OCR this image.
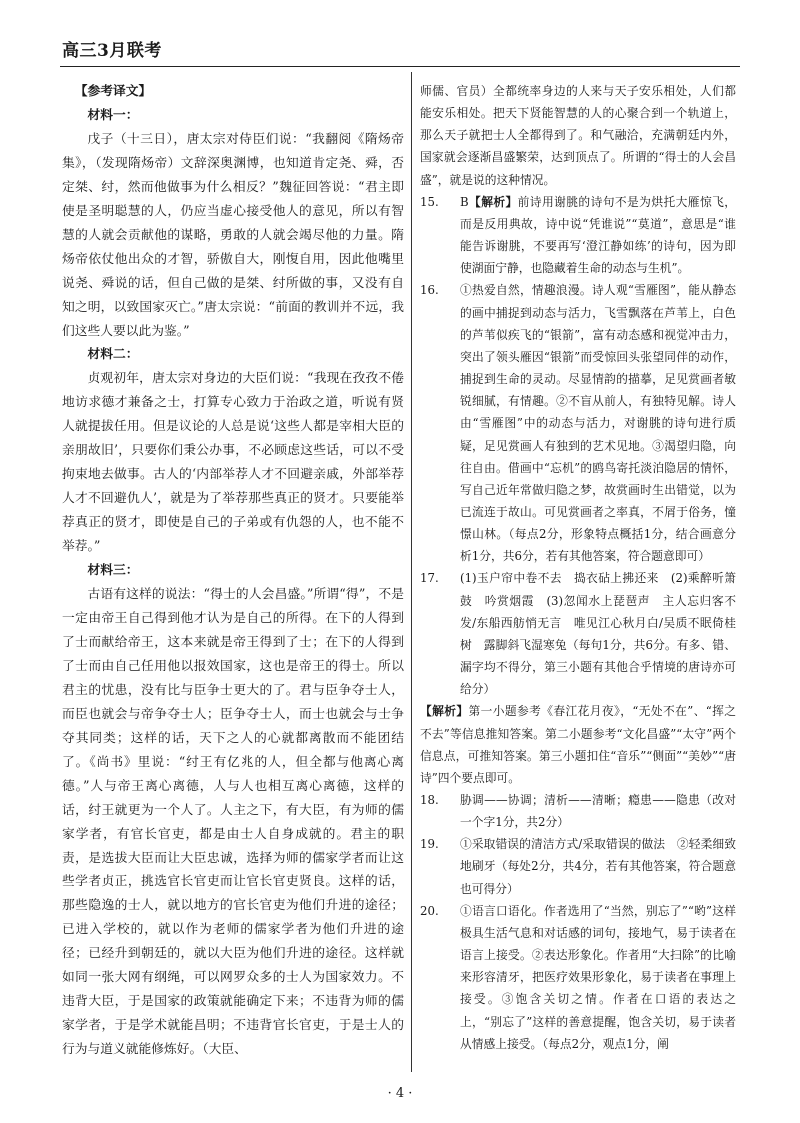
高三3月联考

【参考译文】

材料一：

戊子（十三日），唐太宗对侍臣们说：“我翻阅《隋炀帝集》，（发现隋炀帝）文辞深奥渊博，也知道肯定尧、舜，否定桀、纣，然而他做事为什么相反？”魏征回答说：“君主即使是圣明聪慧的人，仍应当虚心接受他人的意见，所以有智慧的人就会贡献他的谋略，勇敢的人就会竭尽他的力量。隋炀帝依仗他出众的才智，骄傲自大，刚愎自用，因此他嘴里说尧、舜说的话，但自己做的是桀、纣所做的事，又没有自知之明，以致国家灭亡。”唐太宗说：“前面的教训并不远，我们这些人要以此为鉴。”

材料二：

贞观初年，唐太宗对身边的大臣们说：“我现在孜孜不倦地访求德才兼备之士，打算专心致力于治政之道，听说有贤人就提拔任用。但是议论的人总是说‘这些人都是宰相大臣的亲朋故旧’，只要你们秉公办事，不必顾虑这些话，可以不受拘束地去做事。古人的‘内部举荐人才不回避亲戚，外部举荐人才不回避仇人’，就是为了举荐那些真正的贤才。只要能举荐真正的贤才，即使是自己的子弟或有仇怨的人，也不能不举荐。”

材料三：

古语有这样的说法：“得士的人会昌盛。”所谓“得”，不是一定由帝王自己得到他才认为是自己的所得。在下的人得到了士而献给帝王，这本来就是帝王得到了士；在下的人得到了士而由自己任用他以报效国家，这也是帝王的得士。所以君主的忧患，没有比与臣争士更大的了。君与臣争夺士人，而臣也就会与帝争夺士人；臣争夺士人，而士也就会与士争夺其同类；这样的话，天下之人的心就都离散而不能团结了。《尚书》里说：“纣王有亿兆的人，但全都与他离心离德。”人与帝王离心离德，人与人也相互离心离德，这样的话，纣王就更为一个人了。人主之下，有大臣，有为师的儒家学者，有官长官吏，都是由士人自身成就的。君主的职责，是选拔大臣而让大臣忠诚，选择为师的儒家学者而让这些学者贞正，挑选官长官吏而让官长官吏贤良。这样的话，那些隐逸的士人，就以地方的官长官吏为他们升进的途径；已进入学校的，就以作为老师的儒家学者为他们升进的途径；已经升到朝廷的，就以大臣为他们升进的途径。这样就如同一张大网有纲绳，可以网罗众多的士人为国家效力。不违背大臣，于是国家的政策就能确定下来；不违背为师的儒家学者，于是学术就能昌明；不违背官长官吏，于是士人的行为与道义就能修炼好。（大臣、

师儒、官员）全都统率身边的人来与天子安乐相处，人们都能安乐相处。把天下贤能智慧的人的心聚合到一个轨道上，那么天子就把士人全都得到了。和气融洽，充满朝廷内外，国家就会逐渐昌盛繁荣，达到顶点了。所谓的“得士的人会昌盛”，就是说的这种情况。

15.	B【解析】前诗用谢朓的诗句不是为烘托大雁惊飞，而是反用典故，诗中说“凭谁说”“莫道”，意思是“谁能告诉谢朓，不要再写‘澄江静如练’的诗句，因为即使湖面宁静，也隐藏着生命的动态与生机”。
16.	①热爱自然，情趣浪漫。诗人观“雪雁图”，能从静态的画中捕捉到动态与活力，飞雪飘落在芦苇上，白色的芦苇似疾飞的“银箭”，富有动态感和视觉冲击力，突出了领头雁因“银箭”而受惊回头张望同伴的动作，捕捉到生命的灵动。尽显情韵的描摹，足见赏画者敏锐细腻，有情趣。②不盲从前人，有独特见解。诗人由“雪雁图”中的动态与活力，对谢朓的诗句进行质疑，足见赏画人有独到的艺术见地。③渴望归隐，向往自由。借画中“忘机”的鸥鸟寄托淡泊隐居的情怀，写自己近年常做归隐之梦，故赏画时生出错觉，以为已流连于故山。可见赏画者之率真，不屑于俗务，憧憬山林。（每点2分，形象特点概括1分，结合画意分析1分，共6分，若有其他答案，符合题意即可）
17.	(1)玉户帘中卷不去　捣衣砧上拂还来　(2)乘醉听箫鼓　吟赏烟霞　(3)忽闻水上琵琶声　主人忘归客不发/东船西舫悄无言　唯见江心秋月白/吴质不眠倚桂树　露脚斜飞湿寒兔（每句1分，共6分。有多、错、漏字均不得分，第三小题有其他合乎情境的唐诗亦可给分）

【解析】第一小题参考《春江花月夜》，“无处不在”、“挥之不去”等信息推知答案。第二小题参考“文化昌盛”“太守”两个信息点，可推知答案。第三小题扣住“音乐”“侧面”“美妙”“唐诗”四个要点即可。

18.	胁调——协调；清析——清晰；瘾患——隐患（改对一个字1分，共2分）
19.	①采取错误的清洁方式/采取错误的做法　②轻柔细致地刷牙（每处2分，共4分，若有其他答案，符合题意也可得分）
20.	①语言口语化。作者选用了“当然，别忘了”“哟”这样极具生活气息和对话感的词句，接地气，易于读者在语言上接受。②表达形象化。作者用“大扫除”的比喻来形容清牙，把医疗效果形象化，易于读者在事理上接受。③饱含关切之情。作者在口语的表达之上，“别忘了”这样的善意提醒，饱含关切，易于读者从情感上接受。（每点2分，观点1分，阐
· 4 ·
